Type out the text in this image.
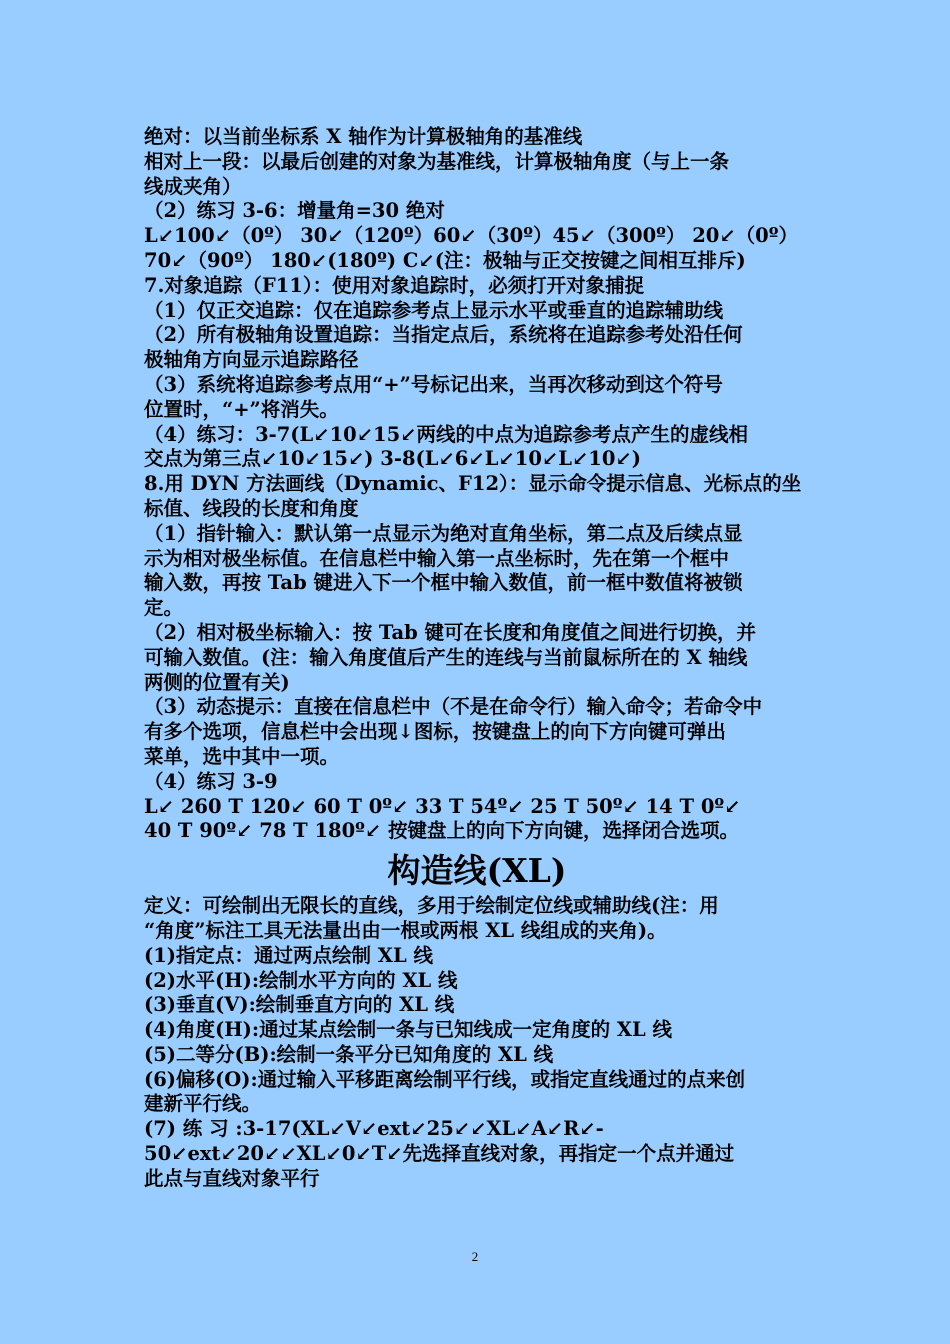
绝对：以当前坐标系 X 轴作为计算极轴角的基准线
相对上一段：以最后创建的对象为基准线，计算极轴角度（与上一条
线成夹角）
（2）练习 3-6：增量角=30 绝对
L↙100↙（0º） 30↙（120º）60↙（30º）45↙（300º） 20↙（0º）
70↙（90º） 180↙(180º) C↙(注：极轴与正交按键之间相互排斥)
7.对象追踪（F11）：使用对象追踪时，必须打开对象捕捉
（1）仅正交追踪：仅在追踪参考点上显示水平或垂直的追踪辅助线
（2）所有极轴角设置追踪：当指定点后，系统将在追踪参考处沿任何
极轴角方向显示追踪路径
（3）系统将追踪参考点用“+”号标记出来，当再次移动到这个符号
位置时，“+”将消失。
（4）练习：3-7(L↙10↙15↙两线的中点为追踪参考点产生的虚线相
交点为第三点↙10↙15↙) 3-8(L↙6↙L↙10↙L↙10↙)
8.用 DYN 方法画线（Dynamic、F12）：显示命令提示信息、光标点的坐
标值、线段的长度和角度
（1）指针输入：默认第一点显示为绝对直角坐标，第二点及后续点显
示为相对极坐标值。在信息栏中输入第一点坐标时，先在第一个框中
输入数，再按 Tab 键进入下一个框中输入数值，前一框中数值将被锁
定。
（2）相对极坐标输入：按 Tab 键可在长度和角度值之间进行切换，并
可输入数值。(注：输入角度值后产生的连线与当前鼠标所在的 X 轴线
两侧的位置有关)
（3）动态提示：直接在信息栏中（不是在命令行）输入命令；若命令中
有多个选项，信息栏中会出现↓图标，按键盘上的向下方向键可弹出
菜单，选中其中一项。
（4）练习 3-9
L↙ 260 T 120↙ 60 T 0º↙ 33 T 54º↙ 25 T 50º↙ 14 T 0º↙
40 T 90º↙ 78 T 180º↙ 按键盘上的向下方向键，选择闭合选项。
构造线(XL)
定义：可绘制出无限长的直线，多用于绘制定位线或辅助线(注：用
“角度”标注工具无法量出由一根或两根 XL 线组成的夹角)。
(1)指定点：通过两点绘制 XL 线
(2)水平(H):绘制水平方向的 XL 线
(3)垂直(V):绘制垂直方向的 XL 线
(4)角度(H):通过某点绘制一条与已知线成一定角度的 XL 线
(5)二等分(B):绘制一条平分已知角度的 XL 线
(6)偏移(O):通过输入平移距离绘制平行线，或指定直线通过的点来创
建新平行线。
(7) 练 习 :3-17(XL↙V↙ext↙25↙↙XL↙A↙R↙-
50↙ext↙20↙↙XL↙0↙T↙先选择直线对象，再指定一个点并通过
此点与直线对象平行
2
